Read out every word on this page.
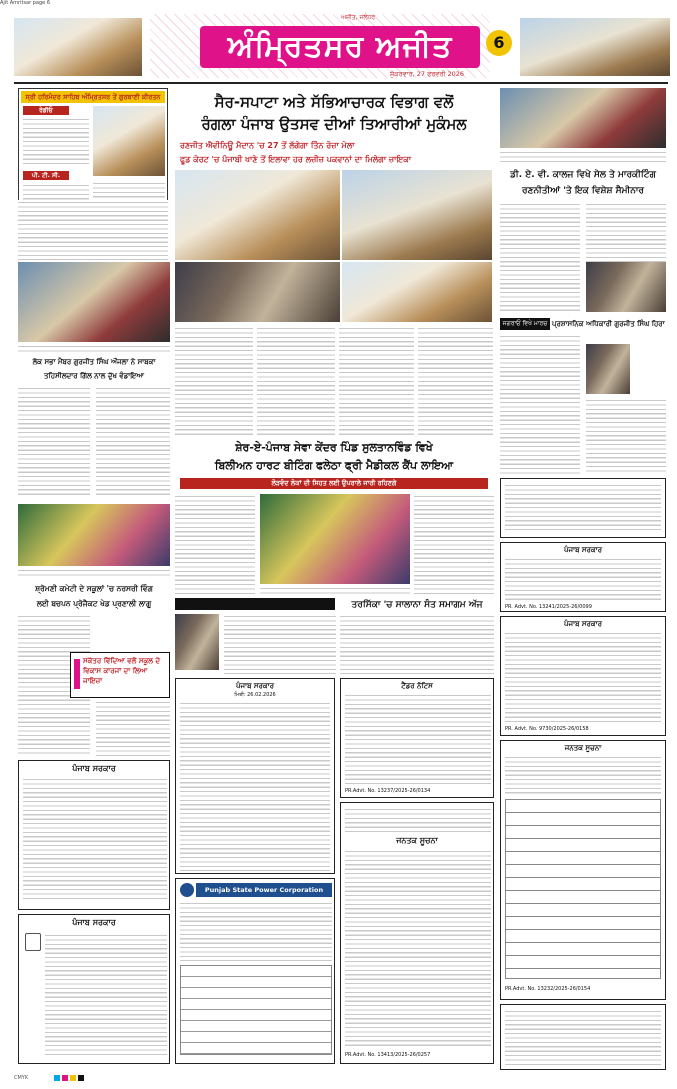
Ajit Amritsar page 6
ਅੰਮ੍ਰਿਤਸਰ ਅਜੀਤ
ਅਜੀਤ, ਜਲੰਧਰ
ਸ਼ੁੱਕਰਵਾਰ, 27 ਫਰਵਰੀ 2026
6
ਸ੍ਰੀ ਹਰਿਮੰਦਰ ਸਾਹਿਬ ਅੰਮ੍ਰਿਤਸਰ ਤੋਂ ਗੁਰਬਾਣੀ ਕੀਰਤਨ
ਰੇਡੀਓ
ਪੀ. ਟੀ. ਸੀ.
ਸੈਰ-ਸਪਾਟਾ ਅਤੇ ਸੱਭਿਆਚਾਰਕ ਵਿਭਾਗ ਵਲੋਂ
ਰੰਗਲਾ ਪੰਜਾਬ ਉਤਸਵ ਦੀਆਂ ਤਿਆਰੀਆਂ ਮੁਕੰਮਲ
ਰਣਜੀਤ ਐਵੀਨਿਊ ਮੈਦਾਨ 'ਚ 27 ਤੋਂ ਲੱਗੇਗਾ ਤਿੰਨ ਰੋਜ਼ਾ ਮੇਲਾ
ਫੂਡ ਕੋਰਟ 'ਚ ਪੰਜਾਬੀ ਖਾਣੇ ਤੋਂ ਇਲਾਵਾ ਹਰ ਲਜ਼ੀਜ਼ ਪਕਵਾਨਾਂ ਦਾ ਮਿਲੇਗਾ ਜ਼ਾਇਕਾ
ਡੀ. ਏ. ਵੀ. ਕਾਲਜ ਵਿਖੇ ਸੇਲ ਤੇ ਮਾਰਕੀਟਿੰਗ
ਰਣਨੀਤੀਆਂ 'ਤੇ ਇਕ ਵਿਸ਼ੇਸ਼ ਸੈਮੀਨਾਰ
ਲੋਕ ਸਭਾ ਮੈਂਬਰ ਗੁਰਜੀਤ ਸਿੰਘ ਔਜਲਾ ਨੇ ਸਾਬਕਾ
ਤਹਿਸੀਲਦਾਰ ਗਿੱਲ ਨਾਲ ਦੁੱਖ ਵੰਡਾਇਆ
ਜਗਰਾਓਂ ਵਿਖੇ ਮਾਰਚ ਪ੍ਰਸ਼ਾਸਨਿਕ ਅਧਿਕਾਰੀ ਗੁਰਜੀਤ ਸਿੰਘ ਹਿਰਾ
ਸ਼ੇਰ-ਏ-ਪੰਜਾਬ ਸੇਵਾ ਕੇਂਦਰ ਪਿੰਡ ਸੁਲਤਾਨਵਿੰਡ ਵਿਖੇ
ਬਿਲੀਅਨ ਹਾਰਟ ਬੀਟਿੰਗ ਫਲੇਠਾ ਫ੍ਰੀ ਮੈਡੀਕਲ ਕੈਂਪ ਲਾਇਆ
ਲੋੜਵੰਦ ਲੋਕਾਂ ਦੀ ਸਿਹਤ ਲਈ ਉਪਰਾਲੇ ਜਾਰੀ ਰਹਿਣਗੇ
ਸ਼੍ਰੋਮਣੀ ਕਮੇਟੀ ਦੇ ਸਕੂਲਾਂ 'ਚ ਨਰਸਰੀ ਵਿੰਗ
ਲਈ ਬਚਪਨ ਪ੍ਰੋਜੈਕਟ ਖੇਡ ਪ੍ਰਣਾਲੀ ਲਾਗੂ
ਸਕੱਤਰ ਵਿੱਦਿਆ ਵਲੋਂ ਸਕੂਲ ਦੇ ਵਿਕਾਸ ਕਾਰਜਾਂ ਦਾ ਲਿਆ ਜਾਇਜ਼ਾ
ਤਰਸਿੱਕਾ 'ਚ ਸਾਲਾਨਾ ਸੰਤ ਸਮਾਗਮ ਅੱਜ
ਪੰਜਾਬ ਸਰਕਾਰ
PR. Advt. No. 13241/2025-26/0099
ਪੰਜਾਬ ਸਰਕਾਰ
PR. Advt. No. 9730/2025-26/0158
ਜਨਤਕ ਸੂਚਨਾ
PR.Advt. No. 13232/2025-26/0154
ਪੰਜਾਬ ਸਰਕਾਰ
ਮਿਤੀ: 26.02.2026
ਟੈਂਡਰ ਨੋਟਿਸ
PR.Advt. No. 13237/2025-26/0134
ਜਨਤਕ ਸੂਚਨਾ
PR.Advt. No. 13413/2025-26/0257
Punjab State Power Corporation
ਪੰਜਾਬ ਸਰਕਾਰ
ਪੰਜਾਬ ਸਰਕਾਰ
CMYK
